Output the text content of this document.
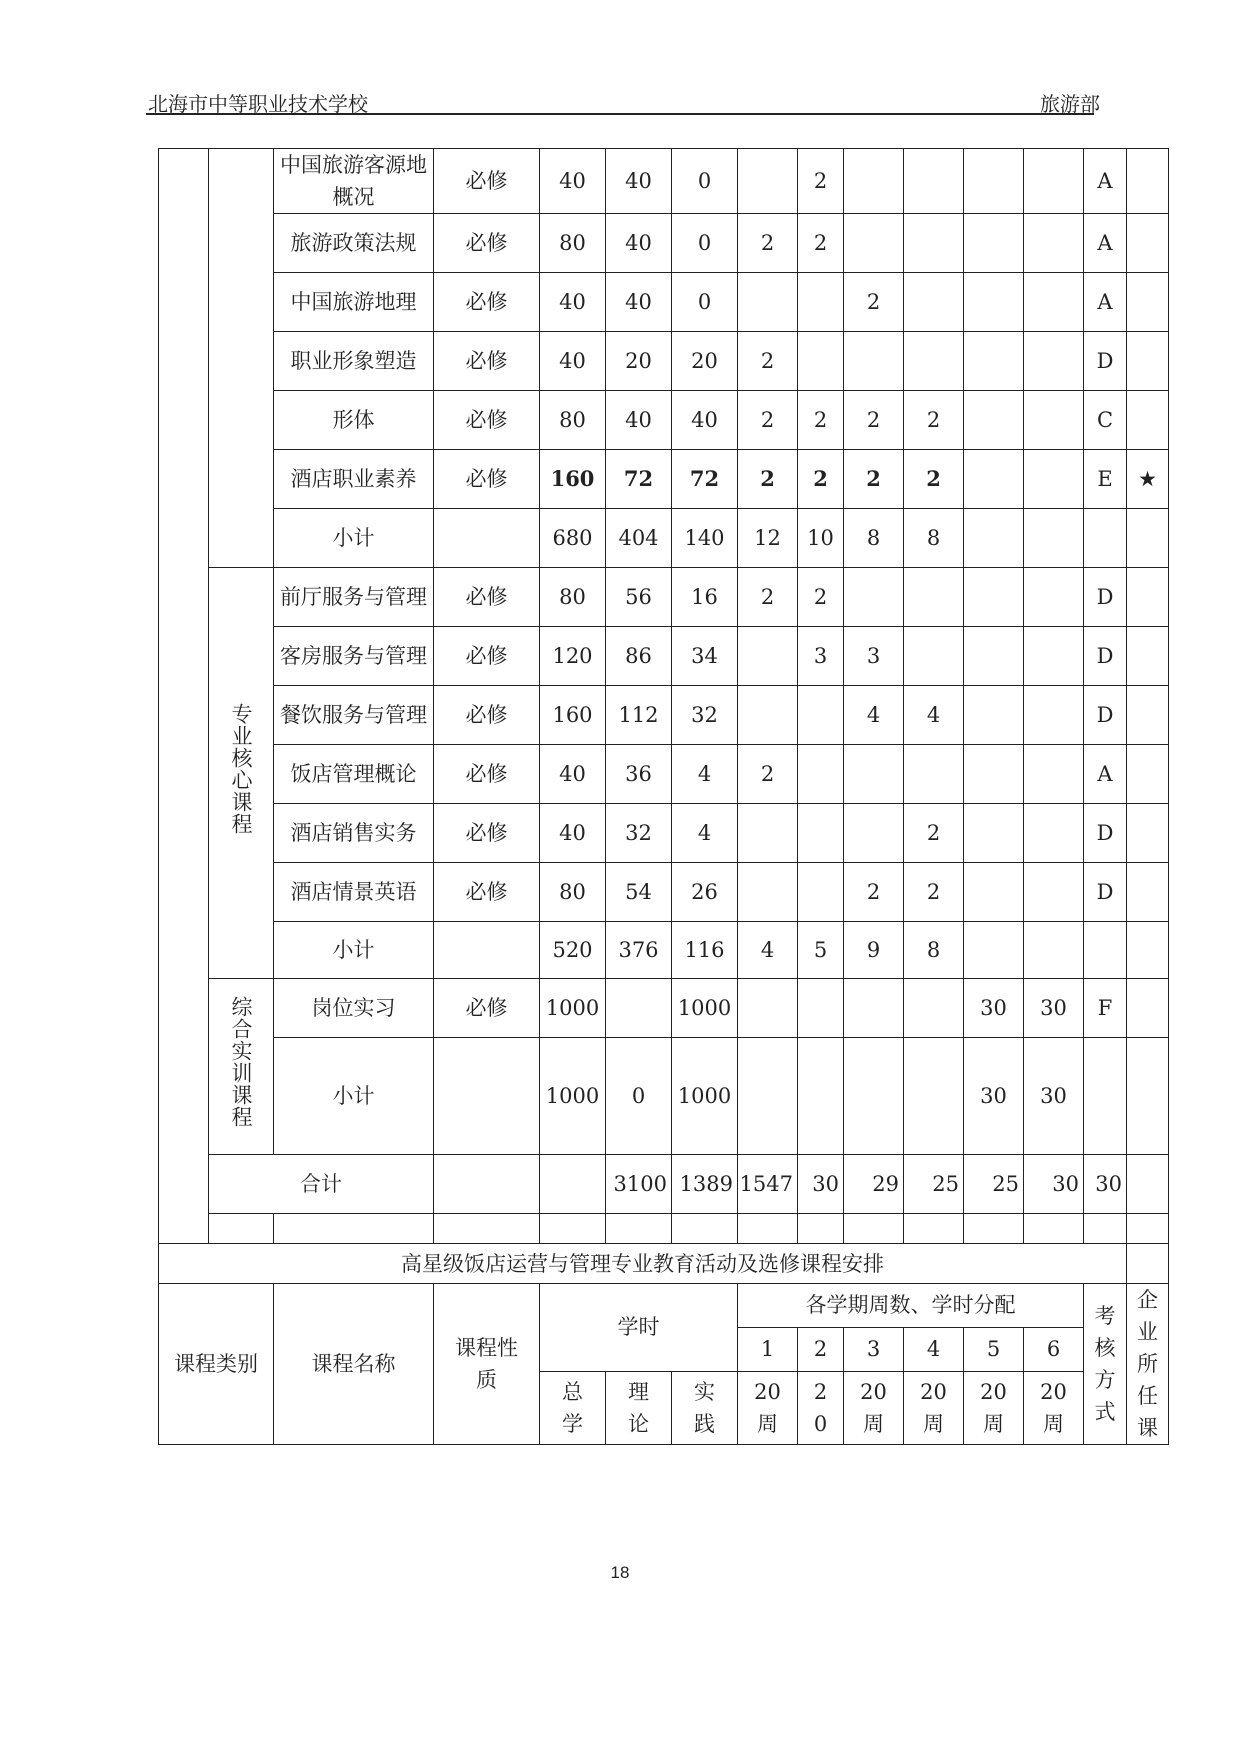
北海市中等职业技术学校	旅游部

		中国旅游客源地概况	必修	40	40	0		2					A		

		旅游政策法规	必修	80	40	0	2	2					A		

		中国旅游地理	必修	40	40	0			2				A		

		职业形象塑造	必修	40	20	20	2						D		

		形体	必修	80	40	40	2	2	2	2			C		

		酒店职业素养	必修	160	72	72	2	2	2	2			E	★	

		小计		680	404	140	12	10	8	8					

	专业核心课程	前厅服务与管理	必修	80	56	16	2	2					D		

		客房服务与管理	必修	120	86	34		3	3				D		

		餐饮服务与管理	必修	160	112	32			4	4			D		

		饭店管理概论	必修	40	36	4	2						A		

		酒店销售实务	必修	40	32	4				2			D		

		酒店情景英语	必修	80	54	26			2	2			D		

		小计		520	376	116	4	5	9	8					

	综合实训课程	岗位实习	必修	1000		1000					30	30	F		

		小计		1000	0	1000					30	30			

	合计				3100	1389	1547	30	29	25	25	30	30		

高星级饭店运营与管理专业教育活动及选修课程安排															
课程类别		课程名称	课程性质	学时			各学期周数、学时分配						考核方式	企业所任课	

							1	2	3	4	5	6			

				总学	理论	实践	20周	20	20周	20周	20周	20周			
18
